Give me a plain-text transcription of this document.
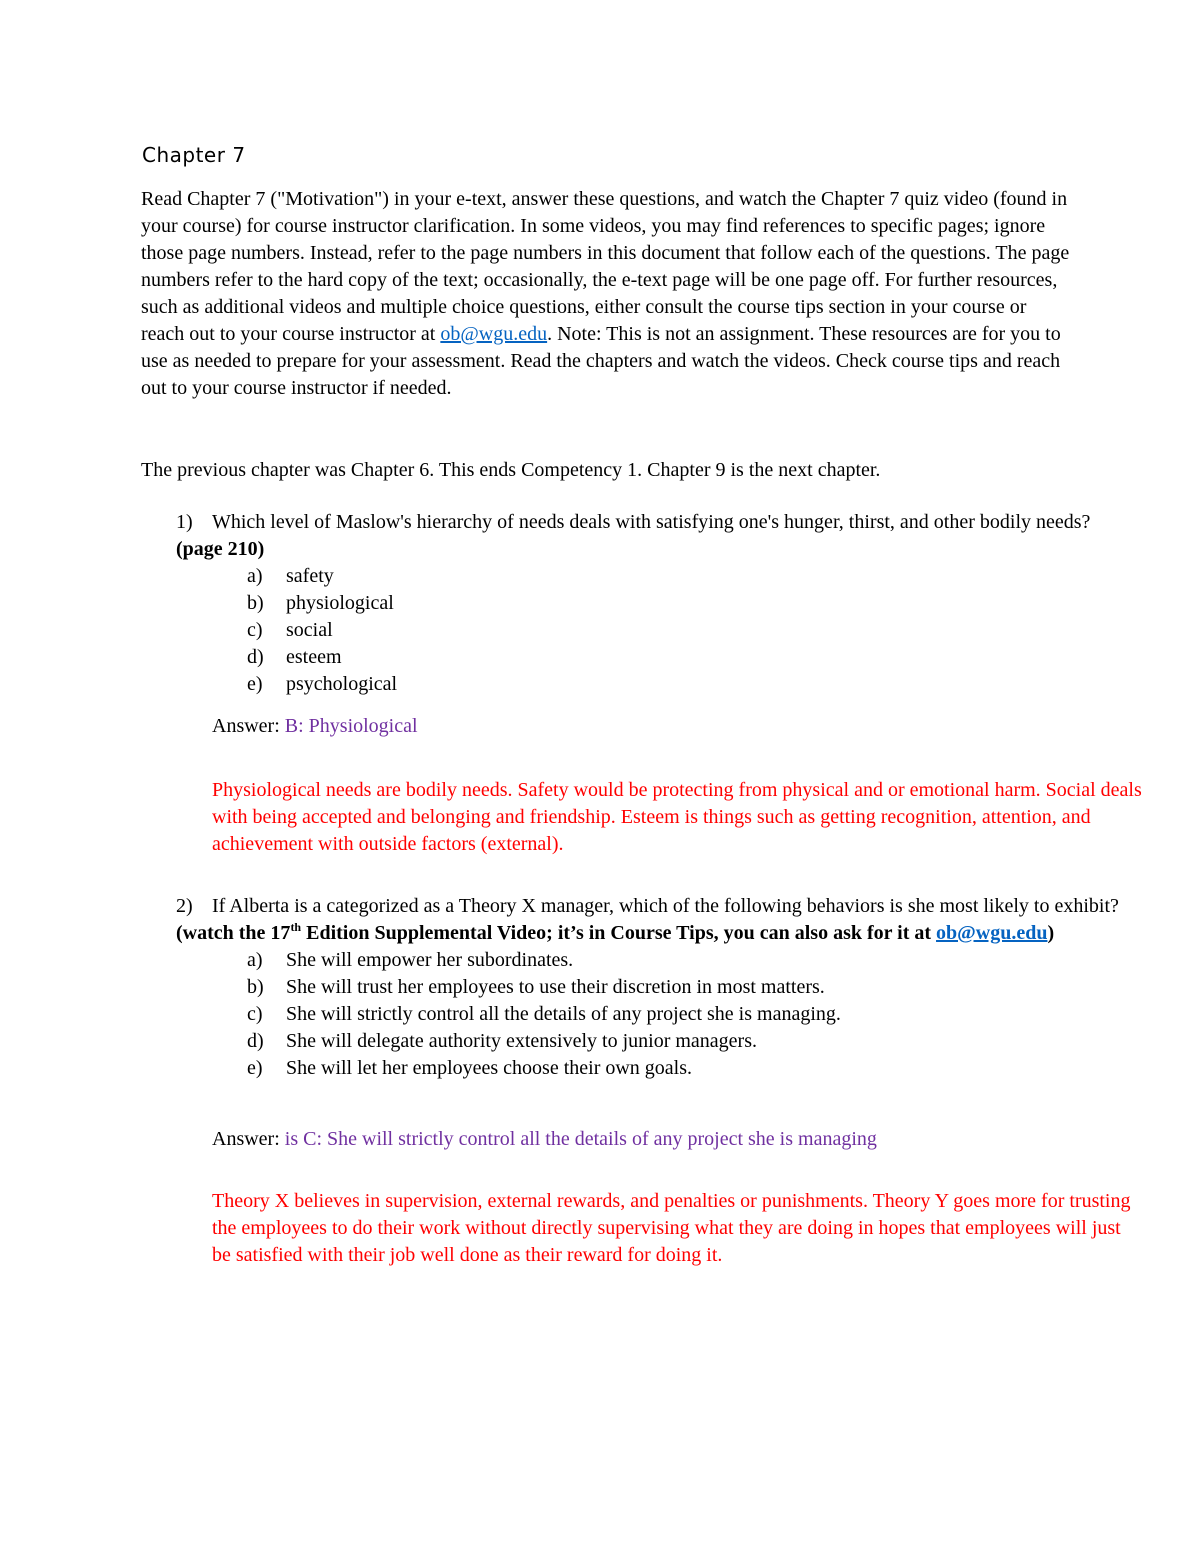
Chapter 7
Read Chapter 7 ("Motivation") in your e-text, answer these questions, and watch the Chapter 7 quiz video (found in your course) for course instructor clarification. In some videos, you may find references to specific pages; ignore those page numbers. Instead, refer to the page numbers in this document that follow each of the questions. The page numbers refer to the hard copy of the text; occasionally, the e-text page will be one page off. For further resources, such as additional videos and multiple choice questions, either consult the course tips section in your course or reach out to your course instructor at ob@wgu.edu. Note: This is not an assignment. These resources are for you to use as needed to prepare for your assessment. Read the chapters and watch the videos. Check course tips and reach out to your course instructor if needed.
The previous chapter was Chapter 6. This ends Competency 1. Chapter 9 is the next chapter.
1) Which level of Maslow's hierarchy of needs deals with satisfying one's hunger, thirst, and other bodily needs? (page 210)
a)	safety
b)	physiological
c)	social
d)	esteem
e)	psychological
Answer: B: Physiological
Physiological needs are bodily needs. Safety would be protecting from physical and or emotional harm. Social deals with being accepted and belonging and friendship. Esteem is things such as getting recognition, attention, and achievement with outside factors (external).
2) If Alberta is a categorized as a Theory X manager, which of the following behaviors is she most likely to exhibit? (watch the 17th Edition Supplemental Video; it’s in Course Tips, you can also ask for it at ob@wgu.edu)
a)	She will empower her subordinates.
b)	She will trust her employees to use their discretion in most matters.
c)	She will strictly control all the details of any project she is managing.
d)	She will delegate authority extensively to junior managers.
e)	She will let her employees choose their own goals.
Answer: is C: She will strictly control all the details of any project she is managing
Theory X believes in supervision, external rewards, and penalties or punishments. Theory Y goes more for trusting the employees to do their work without directly supervising what they are doing in hopes that employees will just be satisfied with their job well done as their reward for doing it.
